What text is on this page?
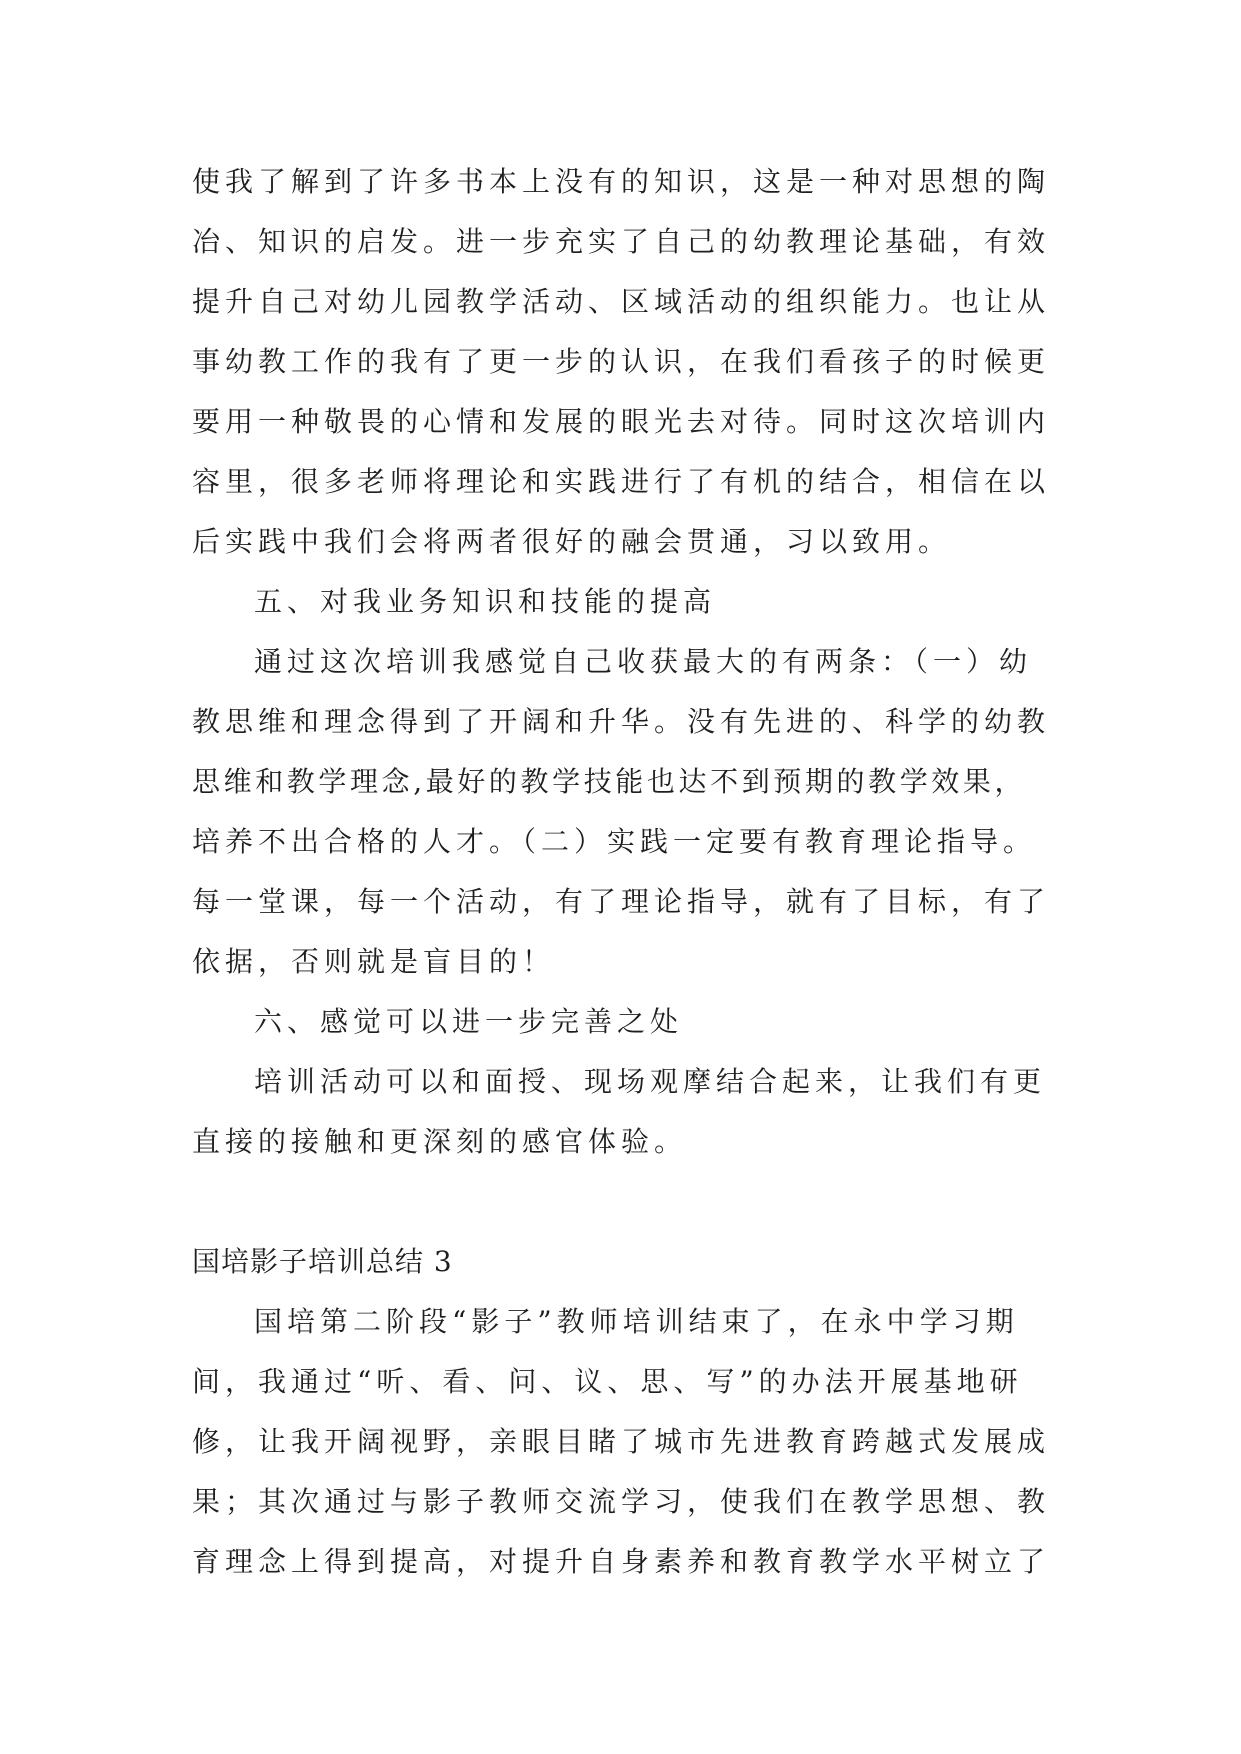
使我了解到了许多书本上没有的知识，这是一种对思想的陶
冶、知识的启发。进一步充实了自己的幼教理论基础，有效
提升自己对幼儿园教学活动、区域活动的组织能力。也让从
事幼教工作的我有了更一步的认识，在我们看孩子的时候更
要用一种敬畏的心情和发展的眼光去对待。同时这次培训内
容里，很多老师将理论和实践进行了有机的结合，相信在以
后实践中我们会将两者很好的融会贯通，习以致用。
五、对我业务知识和技能的提高
通过这次培训我感觉自己收获最大的有两条：（一）幼
教思维和理念得到了开阔和升华。没有先进的、科学的幼教
思维和教学理念,最好的教学技能也达不到预期的教学效果，
培养不出合格的人才。（二）实践一定要有教育理论指导。
每一堂课，每一个活动，有了理论指导，就有了目标，有了
依据，否则就是盲目的！
六、感觉可以进一步完善之处
培训活动可以和面授、现场观摩结合起来，让我们有更
直接的接触和更深刻的感官体验。
国培影子培训总结 3
国培第二阶段“影子”教师培训结束了，在永中学习期
间，我通过“听、看、问、议、思、写”的办法开展基地研
修，让我开阔视野，亲眼目睹了城市先进教育跨越式发展成
果；其次通过与影子教师交流学习，使我们在教学思想、教
育理念上得到提高，对提升自身素养和教育教学水平树立了
